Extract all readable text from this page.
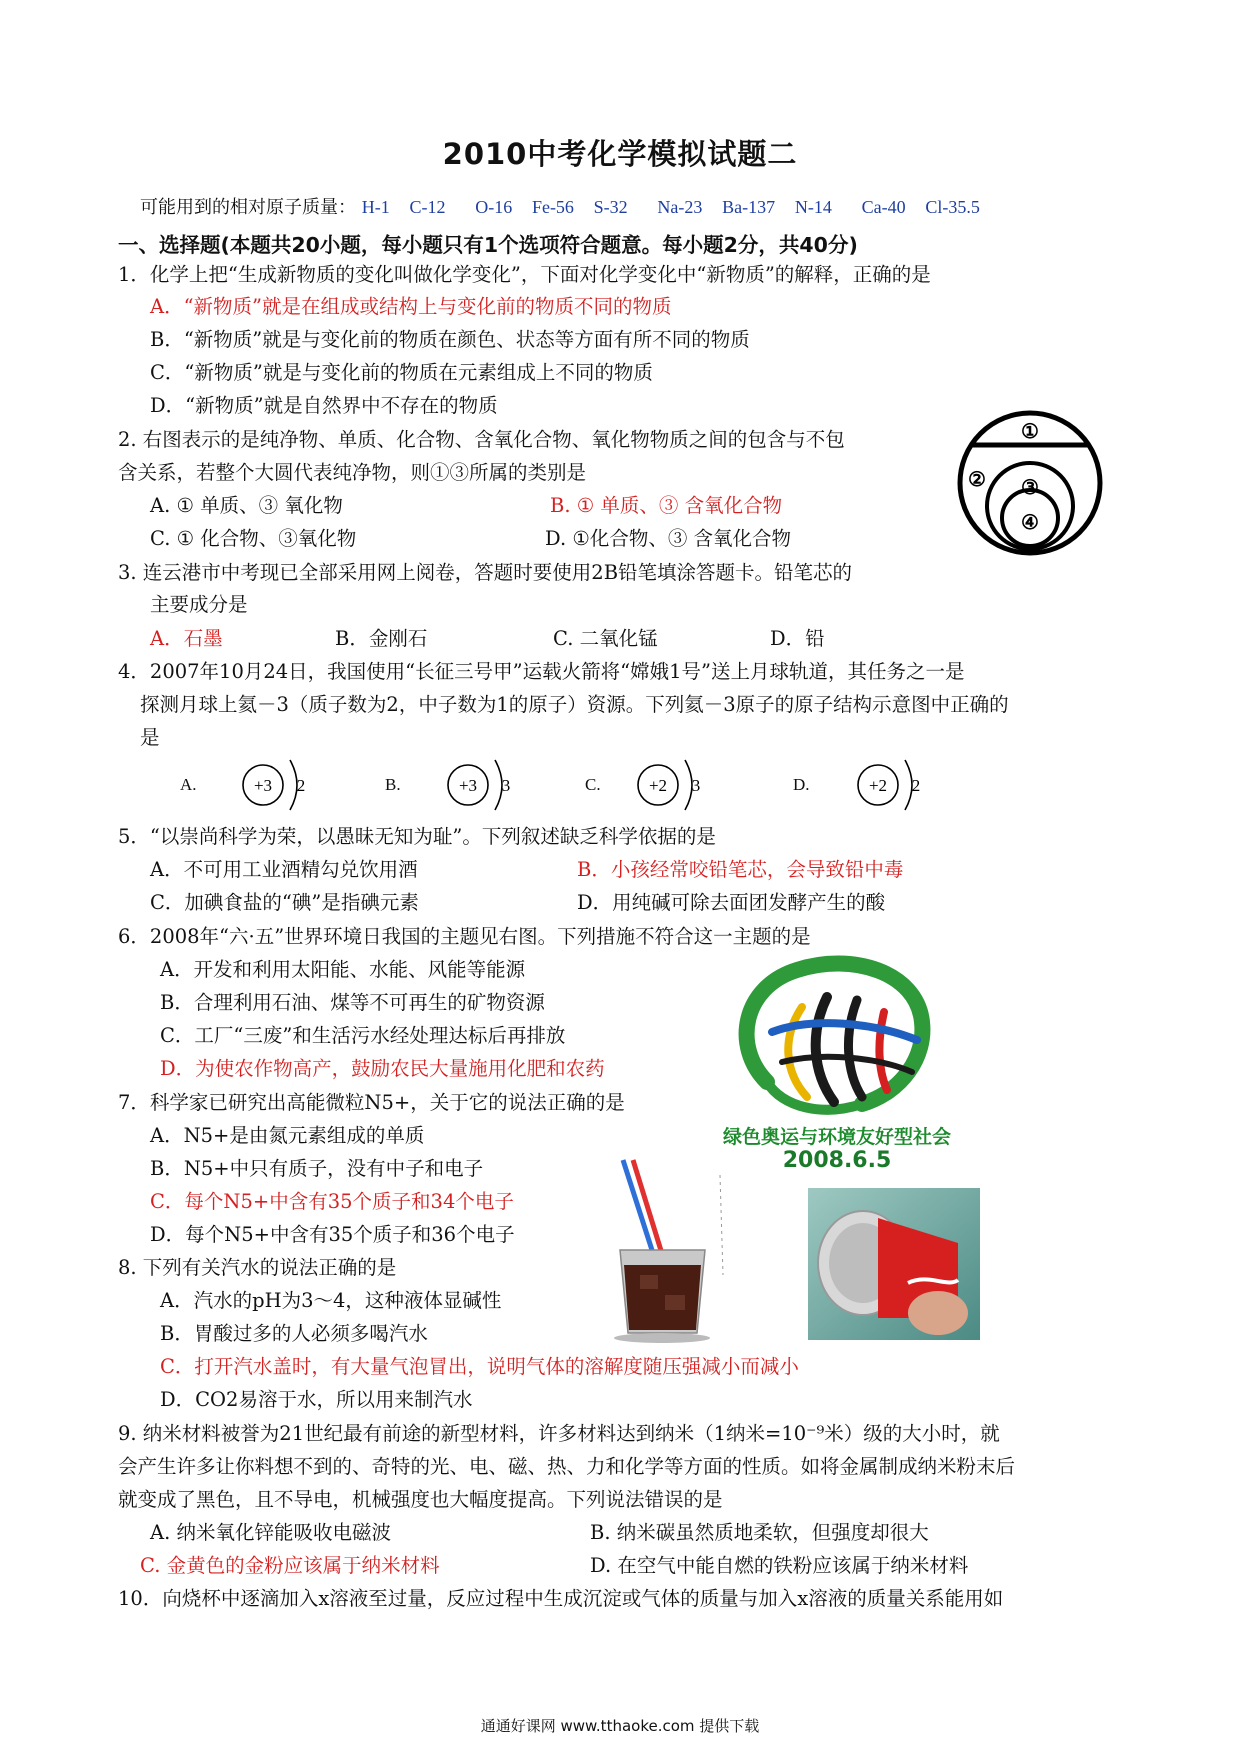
2010中考化学模拟试题二
可能用到的相对原子质量： H-1 C-12 O-16 Fe-56 S-32 Na-23 Ba-137 N-14 Ca-40 Cl-35.5
一、选择题(本题共20小题，每小题只有1个选项符合题意。每小题2分，共40分)
1．化学上把“生成新物质的变化叫做化学变化”，下面对化学变化中“新物质”的解释，正确的是
A．“新物质”就是在组成或结构上与变化前的物质不同的物质
B．“新物质”就是与变化前的物质在颜色、状态等方面有所不同的物质
C．“新物质”就是与变化前的物质在元素组成上不同的物质
D．“新物质”就是自然界中不存在的物质
2. 右图表示的是纯净物、单质、化合物、含氧化合物、氧化物物质之间的包含与不包
含关系，若整个大圆代表纯净物，则①③所属的类别是
A. ① 单质、③ 氧化物	B. ① 单质、③ 含氧化合物
C. ① 化合物、③氧化物	D. ①化合物、③ 含氧化合物
①
② ③
④
3. 连云港市中考现已全部采用网上阅卷，答题时要使用2B铅笔填涂答题卡。铅笔芯的
主要成分是
A．石墨	B．金刚石	C. 二氧化锰	D．铅
4．2007年10月24日，我国使用“长征三号甲”运载火箭将“嫦娥1号”送上月球轨道，其任务之一是
探测月球上氦－3（质子数为2，中子数为1的原子）资源。下列氦－3原子的原子结构示意图中正确的
是
A.	+3 2	B.	+3 3	C.	+2 3	D.	+2 2
5．“以崇尚科学为荣，以愚昧无知为耻”。下列叙述缺乏科学依据的是
A．不可用工业酒精勾兑饮用酒	B．小孩经常咬铅笔芯，会导致铅中毒
C．加碘食盐的“碘”是指碘元素	D．用纯碱可除去面团发酵产生的酸
6．2008年“六·五”世界环境日我国的主题见右图。下列措施不符合这一主题的是
A．开发和利用太阳能、水能、风能等能源
B．合理利用石油、煤等不可再生的矿物资源
C．工厂“三废”和生活污水经处理达标后再排放
D．为使农作物高产，鼓励农民大量施用化肥和农药
绿色奥运与环境友好型社会
2008.6.5
7．科学家已研究出高能微粒N5+，关于它的说法正确的是
A．N5+是由氮元素组成的单质
B．N5+中只有质子，没有中子和电子
C．每个N5+中含有35个质子和34个电子
D．每个N5+中含有35个质子和36个电子
8. 下列有关汽水的说法正确的是
A．汽水的pH为3～4，这种液体显碱性
B．胃酸过多的人必须多喝汽水
C．打开汽水盖时，有大量气泡冒出，说明气体的溶解度随压强减小而减小
D．CO2易溶于水，所以用来制汽水
9. 纳米材料被誉为21世纪最有前途的新型材料，许多材料达到纳米（1纳米=10⁻⁹米）级的大小时，就
会产生许多让你料想不到的、奇特的光、电、磁、热、力和化学等方面的性质。如将金属制成纳米粉末后
就变成了黑色，且不导电，机械强度也大幅度提高。下列说法错误的是
A. 纳米氧化锌能吸收电磁波	B. 纳米碳虽然质地柔软，但强度却很大
C. 金黄色的金粉应该属于纳米材料	D. 在空气中能自燃的铁粉应该属于纳米材料
10．向烧杯中逐滴加入x溶液至过量，反应过程中生成沉淀或气体的质量与加入x溶液的质量关系能用如
通通好课网 www.tthaoke.com 提供下载
